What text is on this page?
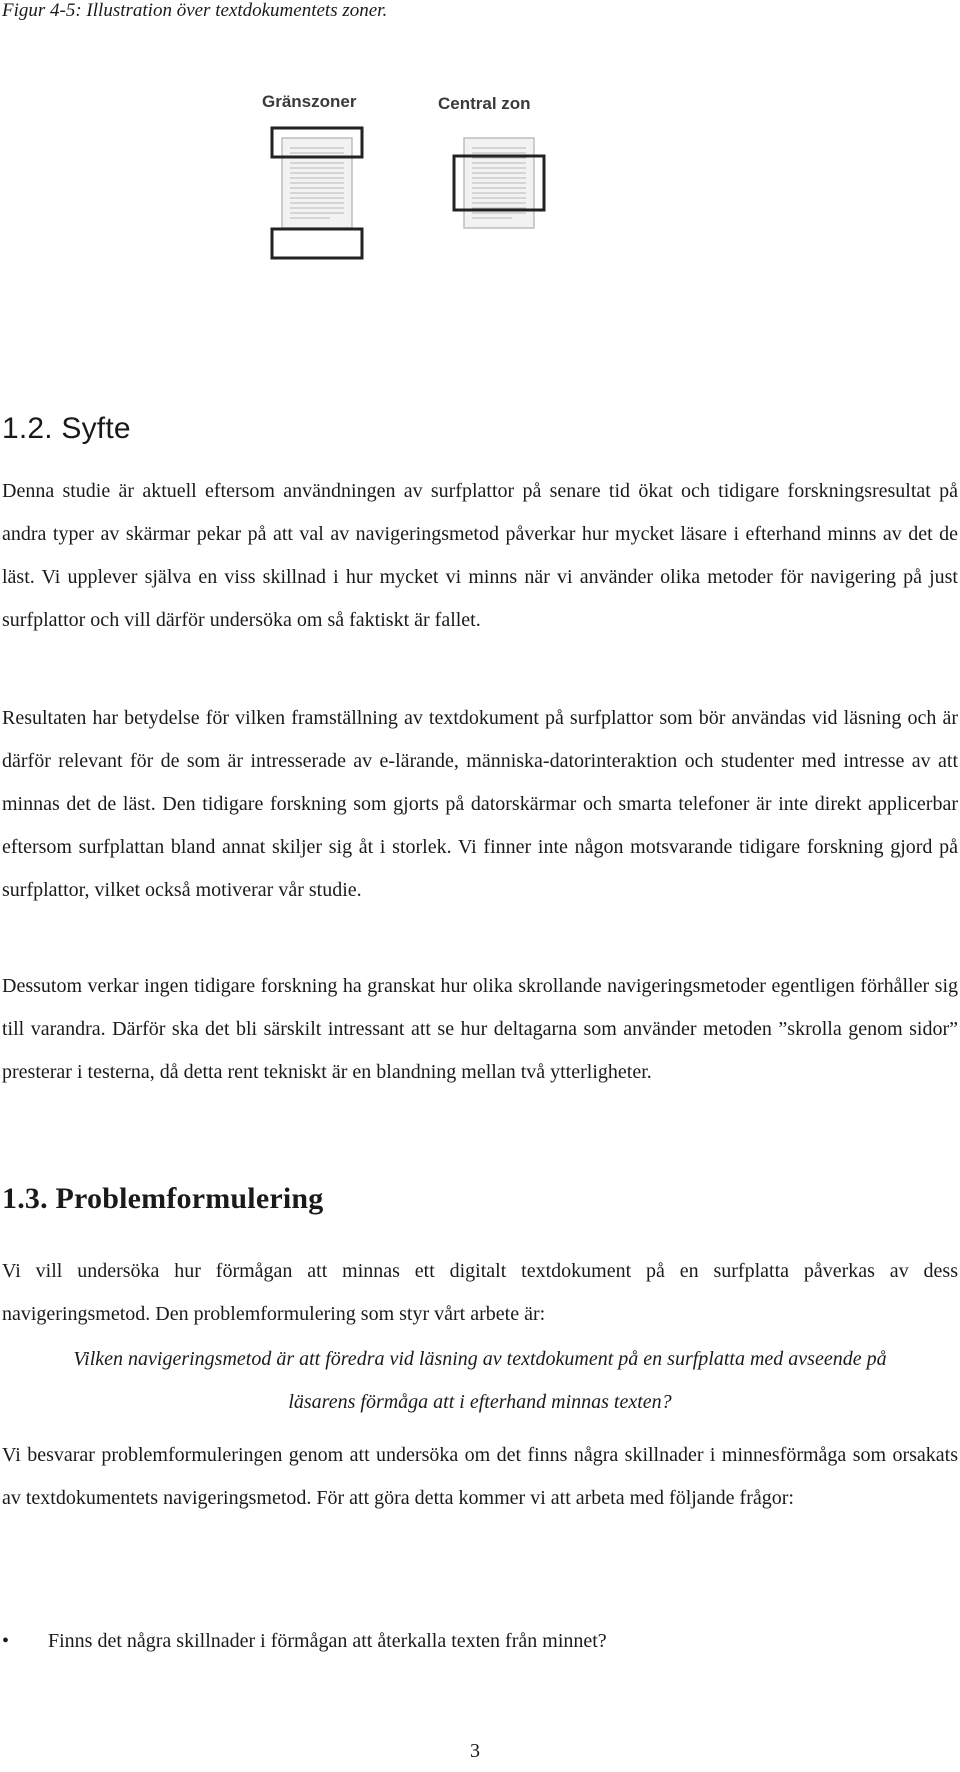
Figur 4-5: Illustration över textdokumentets zoner.
Gränszoner	Central zon
1.2. Syfte

Denna studie är aktuell eftersom användningen av surfplattor på senare tid ökat och tidigare forskningsresultat på andra typer av skärmar pekar på att val av navigeringsmetod påverkar hur mycket läsare i efterhand minns av det de läst. Vi upplever själva en viss skillnad i hur mycket vi minns när vi använder olika metoder för navigering på just surfplattor och vill därför undersöka om så faktiskt är fallet.

Resultaten har betydelse för vilken framställning av textdokument på surfplattor som bör användas vid läsning och är därför relevant för de som är intresserade av e-lärande, människa-datorinteraktion och studenter med intresse av att minnas det de läst. Den tidigare forskning som gjorts på datorskärmar och smarta telefoner är inte direkt applicerbar eftersom surfplattan bland annat skiljer sig åt i storlek. Vi finner inte någon motsvarande tidigare forskning gjord på surfplattor, vilket också motiverar vår studie.

Dessutom verkar ingen tidigare forskning ha granskat hur olika skrollande navigeringsmetoder egentligen förhåller sig till varandra. Därför ska det bli särskilt intressant att se hur deltagarna som använder metoden ”skrolla genom sidor” presterar i testerna, då detta rent tekniskt är en blandning mellan två ytterligheter.

1.3. Problemformulering

Vi vill undersöka hur förmågan att minnas ett digitalt textdokument på en surfplatta påverkas av dess navigeringsmetod. Den problemformulering som styr vårt arbete är:

Vilken navigeringsmetod är att föredra vid läsning av textdokument på en surfplatta med avseende på
läsarens förmåga att i efterhand minnas texten?

Vi besvarar problemformuleringen genom att undersöka om det finns några skillnader i minnesförmåga som orsakats av textdokumentets navigeringsmetod. För att göra detta kommer vi att arbeta med följande frågor:

• Finns det några skillnader i förmågan att återkalla texten från minnet?
3
